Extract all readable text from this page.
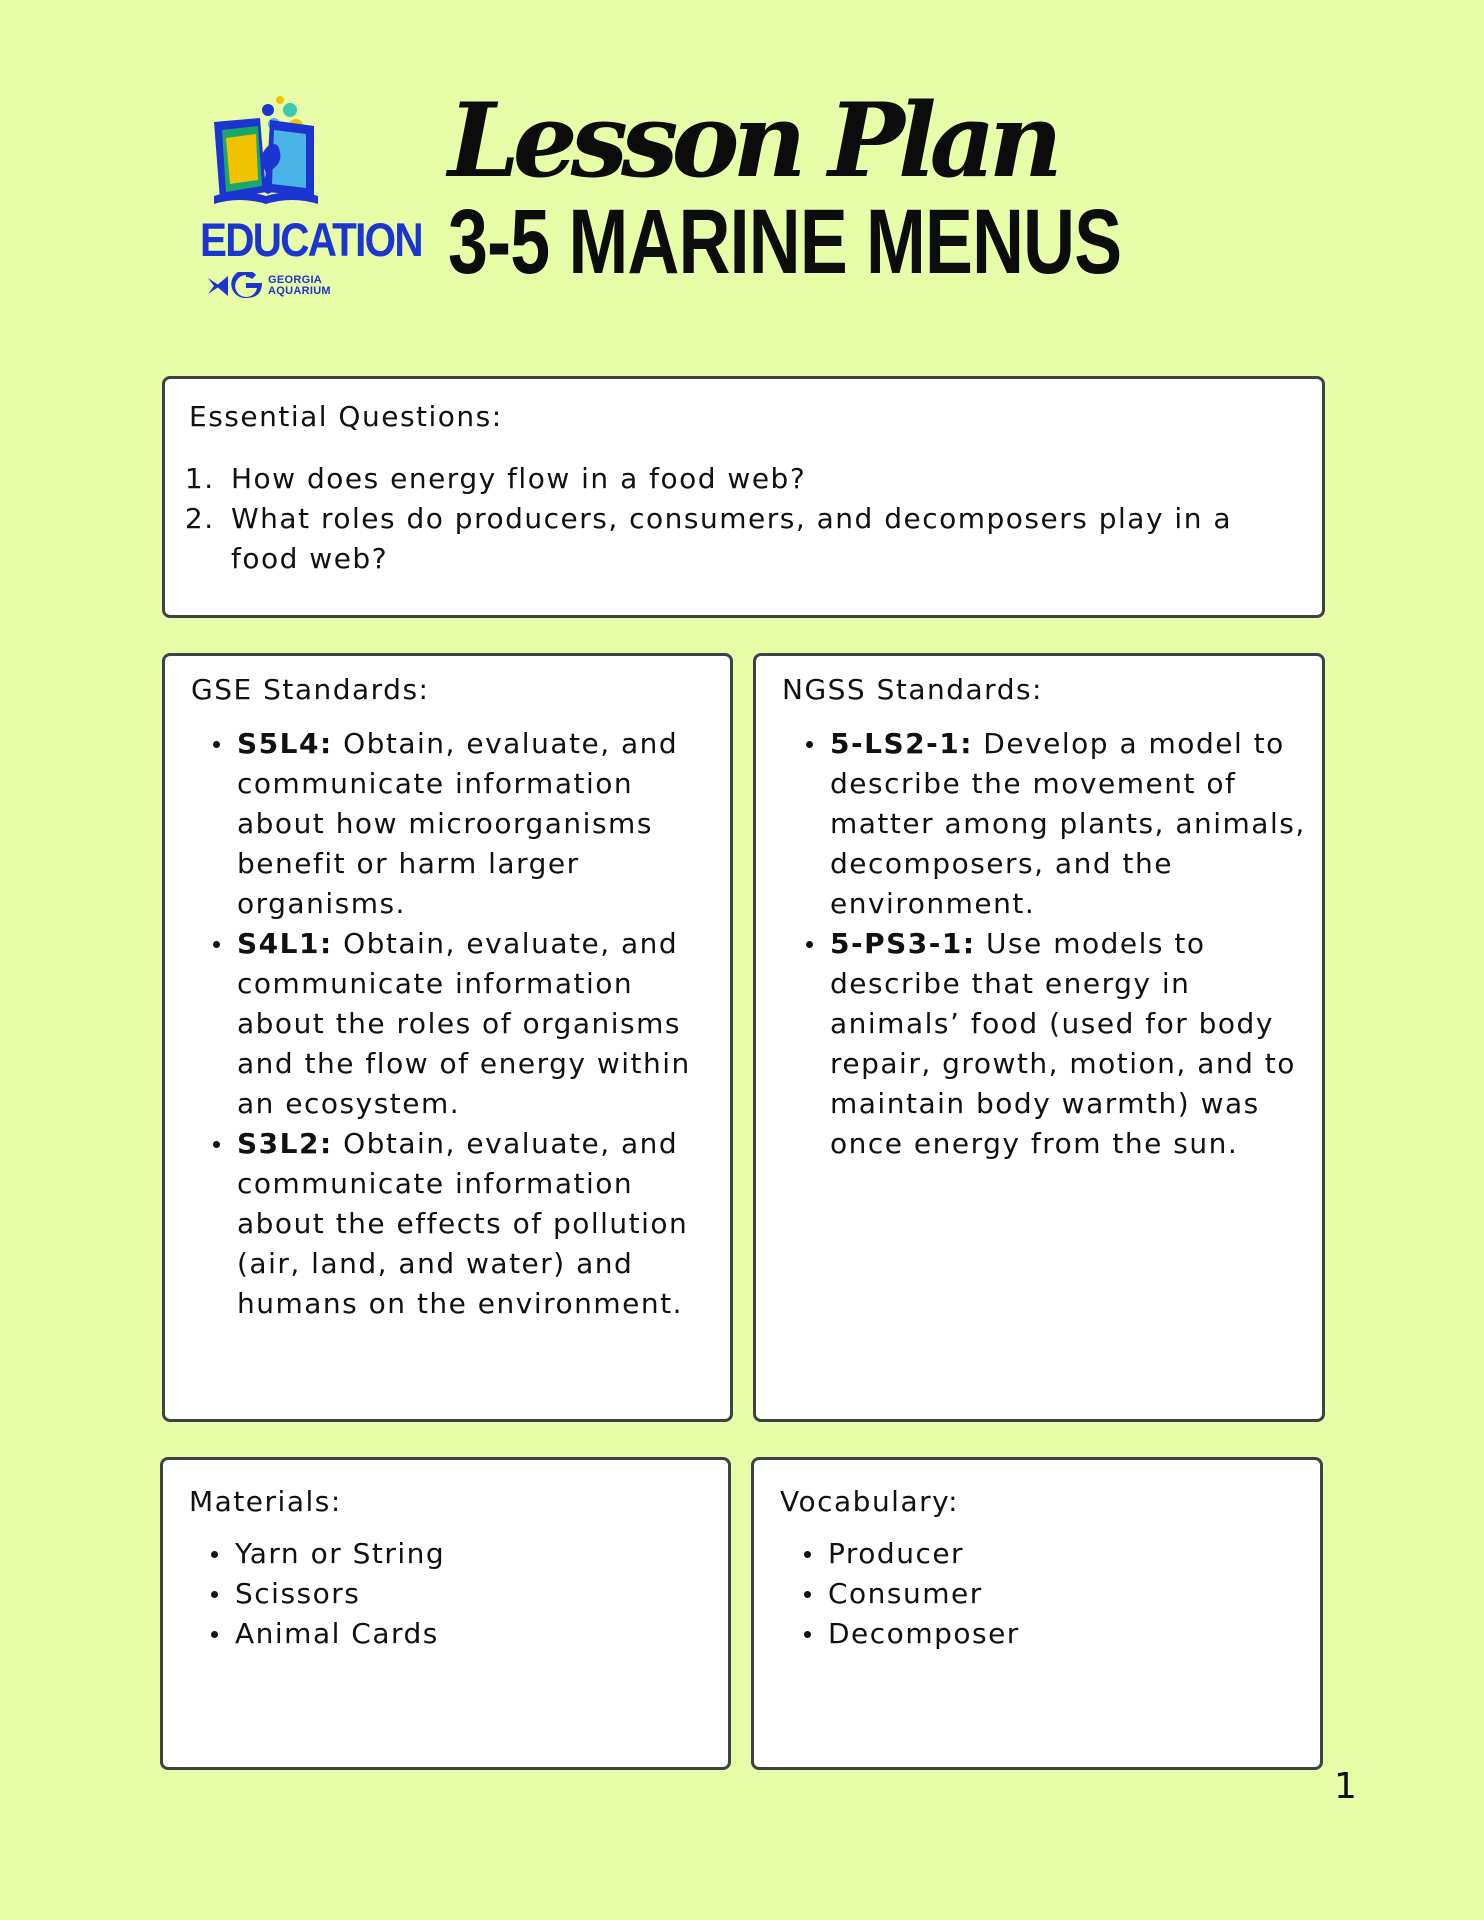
EDUCATION
GEORGIA
AQUARIUM
Lesson Plan
3-5 MARINE MENUS
Essential Questions:
1. How does energy flow in a food web?
2. What roles do producers, consumers, and decomposers play in a food web?
GSE Standards:
S5L4: Obtain, evaluate, and communicate information about how microorganisms benefit or harm larger organisms.
S4L1: Obtain, evaluate, and communicate information about the roles of organisms and the flow of energy within an ecosystem.
S3L2: Obtain, evaluate, and communicate information about the effects of pollution (air, land, and water) and humans on the environment.
NGSS Standards:
5-LS2-1: Develop a model to describe the movement of matter among plants, animals, decomposers, and the environment.
5-PS3-1: Use models to describe that energy in animals’ food (used for body repair, growth, motion, and to maintain body warmth) was once energy from the sun.
Materials:
Yarn or String
Scissors
Animal Cards
Vocabulary:
Producer
Consumer
Decomposer
1
